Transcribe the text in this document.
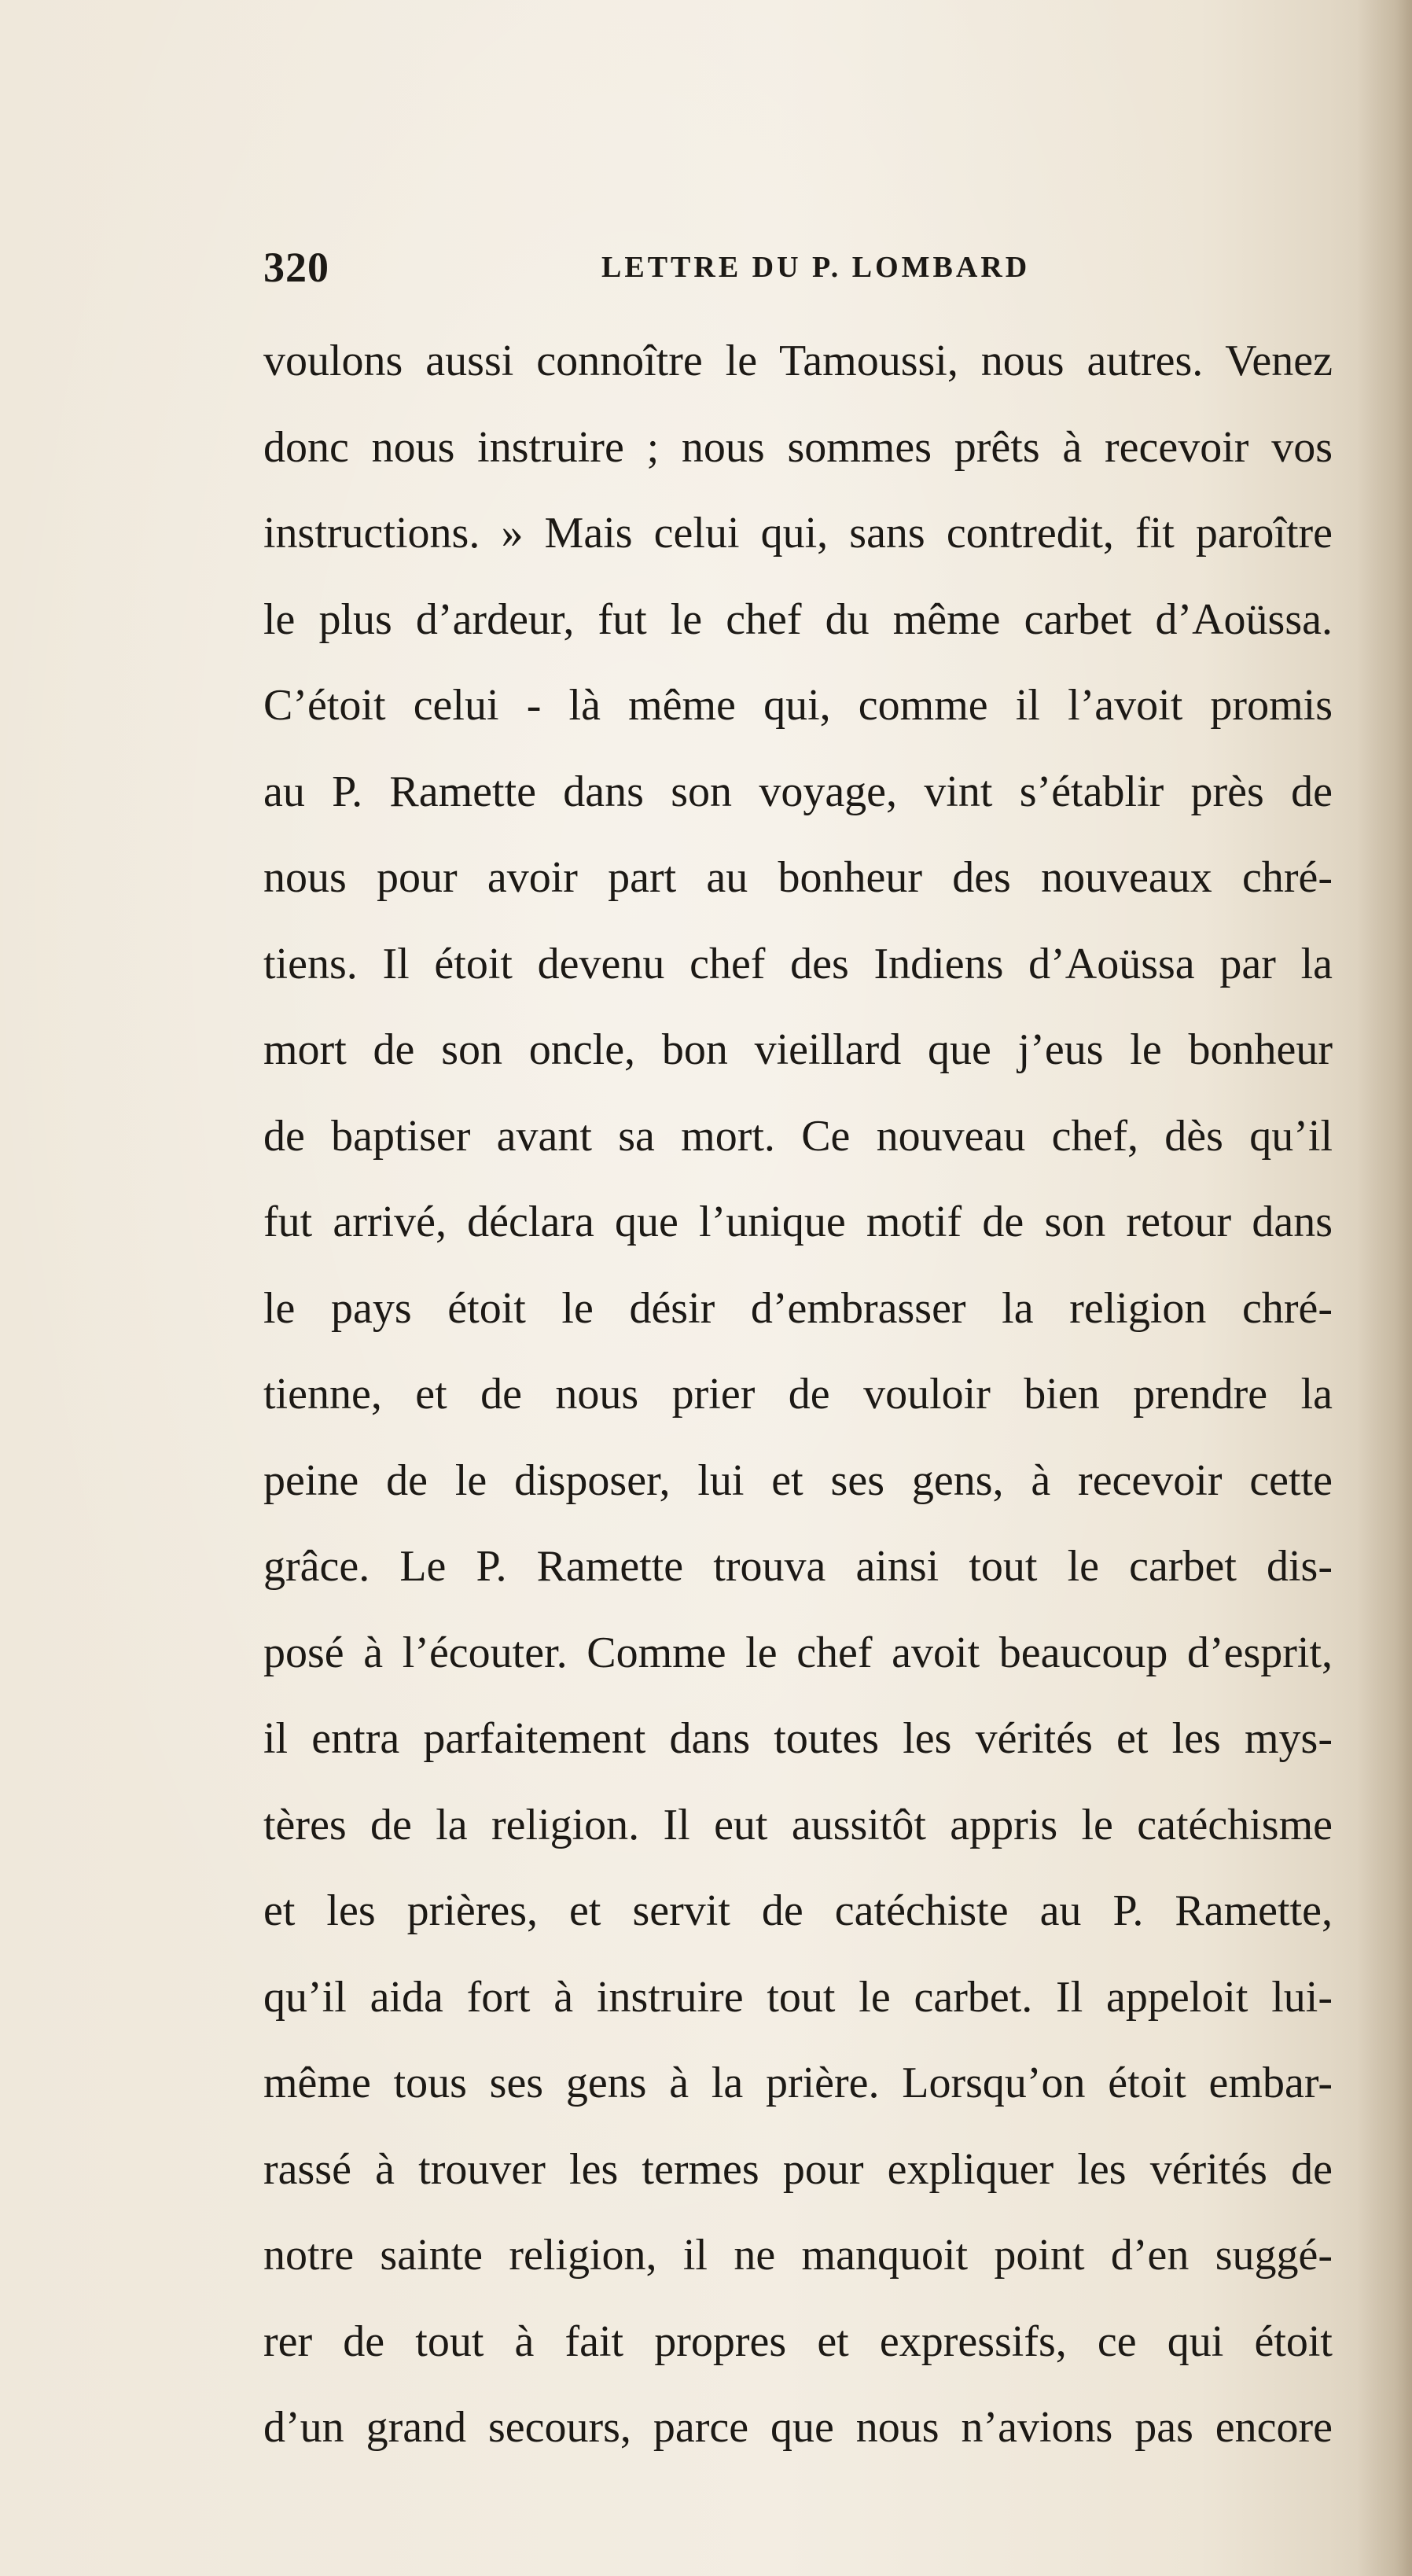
320	LETTRE DU P. LOMBARD
voulons aussi connoître le Tamoussi, nous autres. Venez
donc nous instruire ; nous sommes prêts à recevoir vos
instructions. » Mais celui qui, sans contredit, fit paroître
le plus d’ardeur, fut le chef du même carbet d’Aoüssa.
C’étoit celui - là même qui, comme il l’avoit promis
au P. Ramette dans son voyage, vint s’établir près de
nous pour avoir part au bonheur des nouveaux chré-
tiens. Il étoit devenu chef des Indiens d’Aoüssa par la
mort de son oncle, bon vieillard que j’eus le bonheur
de baptiser avant sa mort. Ce nouveau chef, dès qu’il
fut arrivé, déclara que l’unique motif de son retour dans
le pays étoit le désir d’embrasser la religion chré-
tienne, et de nous prier de vouloir bien prendre la
peine de le disposer, lui et ses gens, à recevoir cette
grâce. Le P. Ramette trouva ainsi tout le carbet dis-
posé à l’écouter. Comme le chef avoit beaucoup d’esprit,
il entra parfaitement dans toutes les vérités et les mys-
tères de la religion. Il eut aussitôt appris le catéchisme
et les prières, et servit de catéchiste au P. Ramette,
qu’il aida fort à instruire tout le carbet. Il appeloit lui-
même tous ses gens à la prière. Lorsqu’on étoit embar-
rassé à trouver les termes pour expliquer les vérités de
notre sainte religion, il ne manquoit point d’en suggé-
rer de tout à fait propres et expressifs, ce qui étoit
d’un grand secours, parce que nous n’avions pas encore
